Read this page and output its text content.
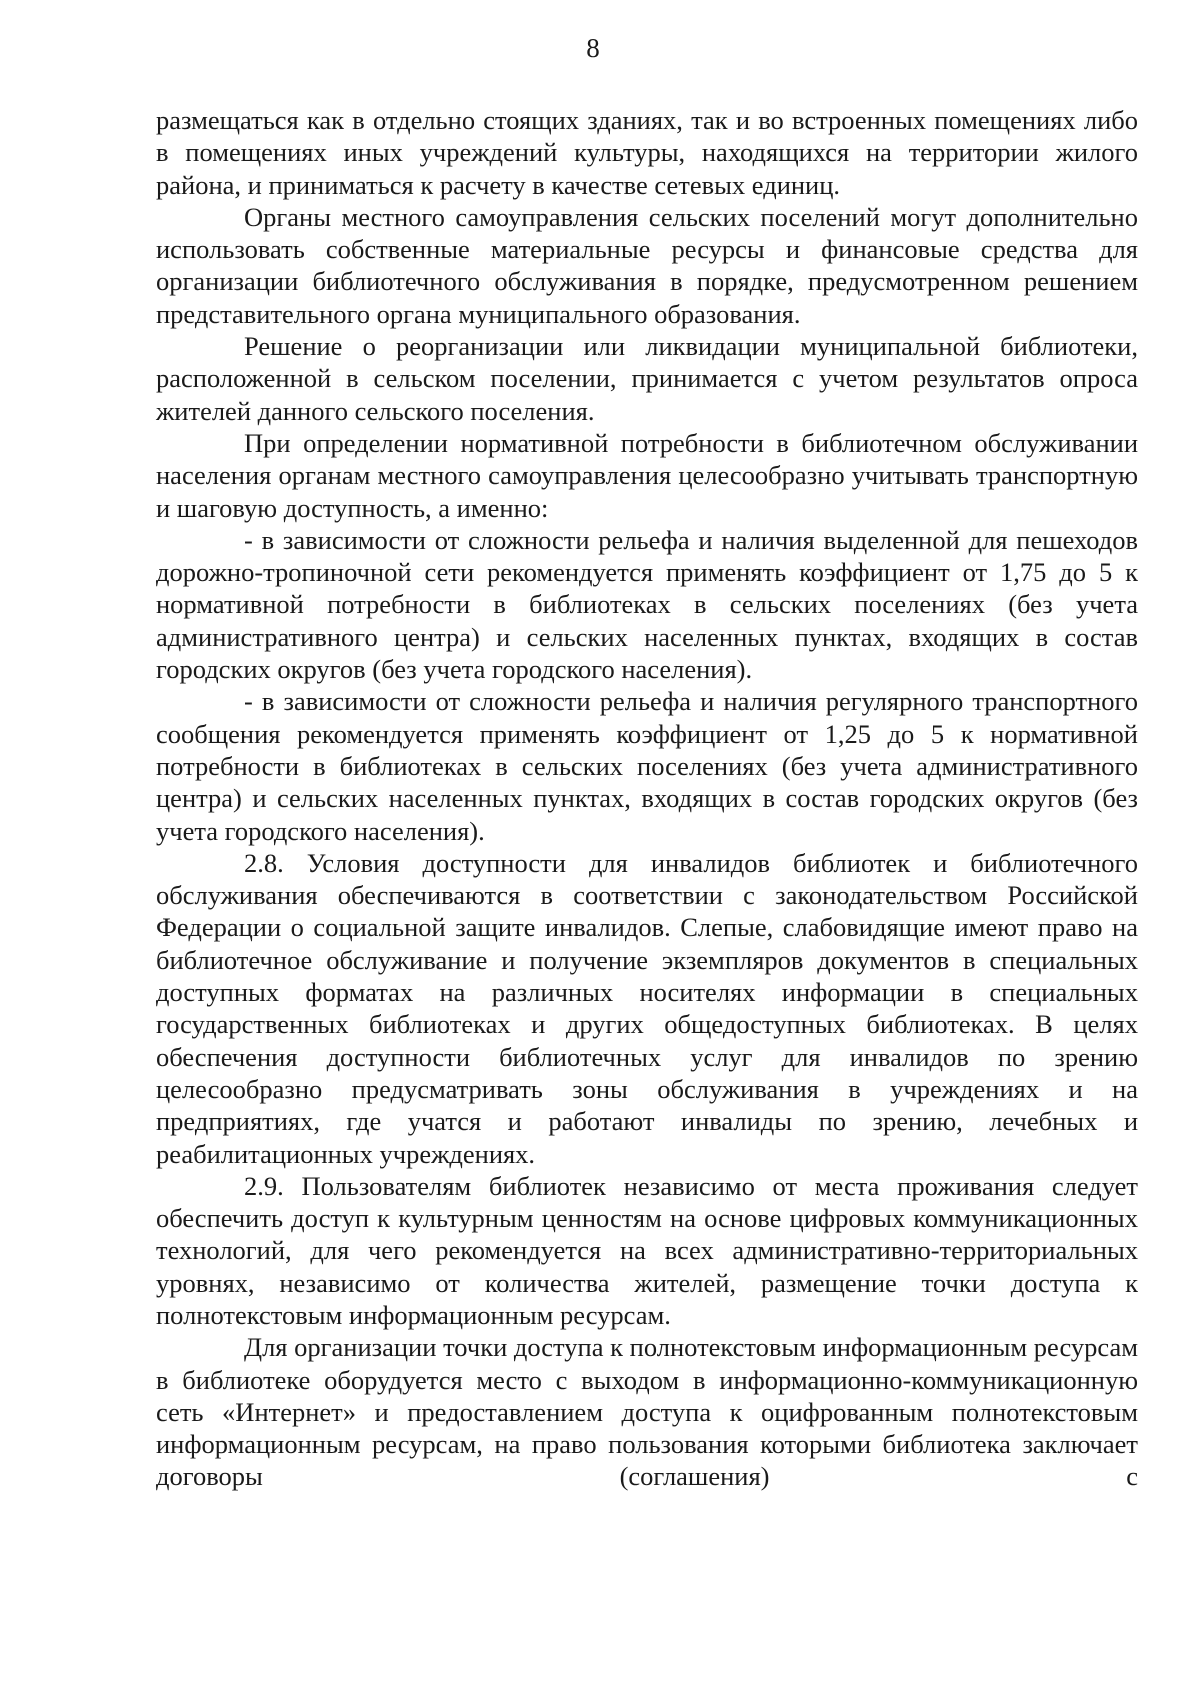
8

размещаться как в отдельно стоящих зданиях, так и во встроенных помещениях либо в помещениях иных учреждений культуры, находящихся на территории жилого района, и приниматься к расчету в качестве сетевых единиц.

Органы местного самоуправления сельских поселений могут дополнительно использовать собственные материальные ресурсы и финансовые средства для организации библиотечного обслуживания в порядке, предусмотренном решением представительного органа муниципального образования.

Решение о реорганизации или ликвидации муниципальной библиотеки, расположенной в сельском поселении, принимается с учетом результатов опроса жителей данного сельского поселения.

При определении нормативной потребности в библиотечном обслуживании населения органам местного самоуправления целесообразно учитывать транспортную и шаговую доступность, а именно:

- в зависимости от сложности рельефа и наличия выделенной для пешеходов дорожно-тропиночной сети рекомендуется применять коэффициент от 1,75 до 5 к нормативной потребности в библиотеках в сельских поселениях (без учета административного центра) и сельских населенных пунктах, входящих в состав городских округов (без учета городского населения).

- в зависимости от сложности рельефа и наличия регулярного транспортного сообщения рекомендуется применять коэффициент от 1,25 до 5 к нормативной потребности в библиотеках в сельских поселениях (без учета административного центра) и сельских населенных пунктах, входящих в состав городских округов (без учета городского населения).

2.8. Условия доступности для инвалидов библиотек и библиотечного обслуживания обеспечиваются в соответствии с законодательством Российской Федерации о социальной защите инвалидов. Слепые, слабовидящие имеют право на библиотечное обслуживание и получение экземпляров документов в специальных доступных форматах на различных носителях информации в специальных государственных библиотеках и других общедоступных библиотеках. В целях обеспечения доступности библиотечных услуг для инвалидов по зрению целесообразно предусматривать зоны обслуживания в учреждениях и на предприятиях, где учатся и работают инвалиды по зрению, лечебных и реабилитационных учреждениях.

2.9. Пользователям библиотек независимо от места проживания следует обеспечить доступ к культурным ценностям на основе цифровых коммуникационных технологий, для чего рекомендуется на всех административно-территориальных уровнях, независимо от количества жителей, размещение точки доступа к полнотекстовым информационным ресурсам.

Для организации точки доступа к полнотекстовым информационным ресурсам в библиотеке оборудуется место с выходом в информационно-коммуникационную сеть «Интернет» и предоставлением доступа к оцифрованным полнотекстовым информационным ресурсам, на право пользования которыми библиотека заключает договоры (соглашения) с
